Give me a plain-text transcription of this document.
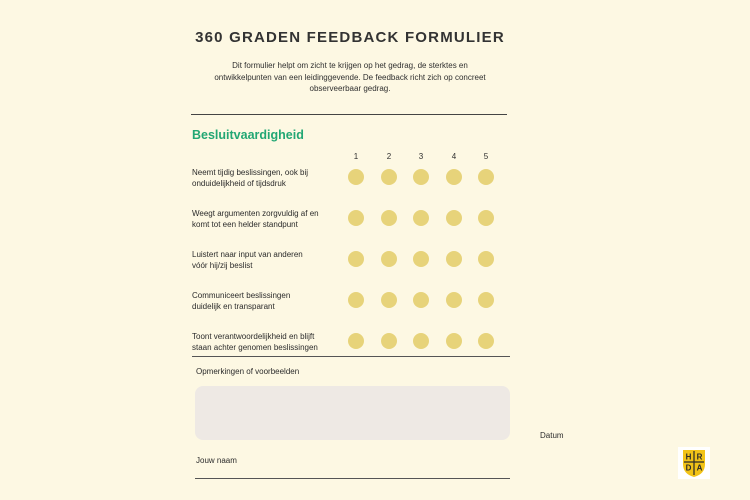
360 GRADEN FEEDBACK FORMULIER
Dit formulier helpt om zicht te krijgen op het gedrag, de sterktes en
ontwikkelpunten van een leidinggevende. De feedback richt zich op concreet
observeerbaar gedrag.
Besluitvaardigheid
1	2	3	4	5
Neemt tijdig beslissingen, ook bij
onduidelijkheid of tijdsdruk
Weegt argumenten zorgvuldig af en
komt tot een helder standpunt
Luistert naar input van anderen
vóór hij/zij beslist
Communiceert beslissingen
duidelijk en transparant
Toont verantwoordelijkheid en blijft
staan achter genomen beslissingen
Opmerkingen of voorbeelden
Datum
Jouw naam	H R
D A
